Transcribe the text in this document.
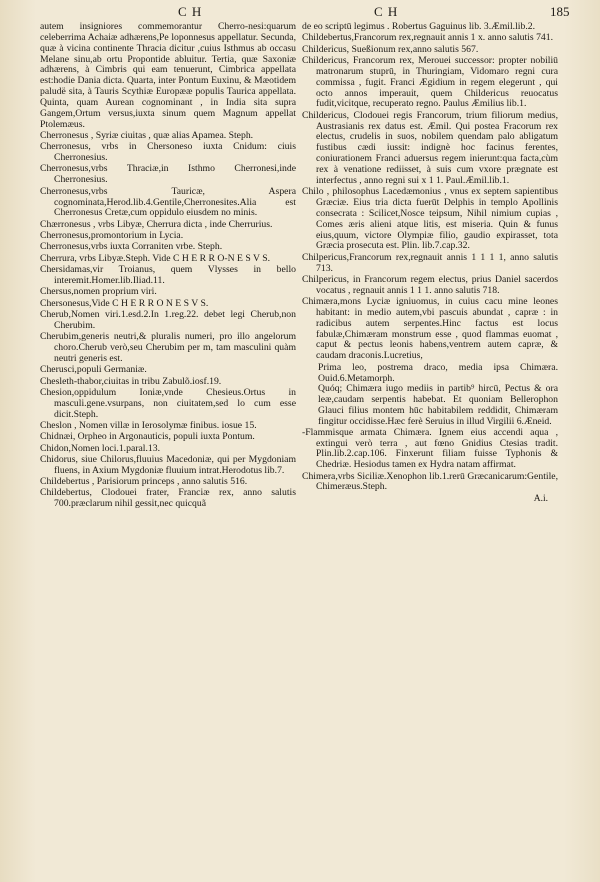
C H	C H	185

autem insigniores commemorantur Cherro-nesi:quarum celeberrima Achaiæ adhærens,Pe loponnesus appellatur. Secunda, quæ à vicina continente Thracia dicitur ,cuius Isthmus ab occasu Melane sinu,ab ortu Propontide abluitur. Tertia, quæ Saxoniæ adhærens, à Cimbris qui eam tenuerunt, Cimbrica appellata est:hodie Dania dicta. Quarta, inter Pontum Euxinu, & Mæotidem paludë sita, à Tauris Scythiæ Europææ populis Taurica appellata. Quinta, quam Aurean cognominant , in India sita supra Gangem,Ortum versus,iuxta sinum quem Magnum appellat Ptolemæus.

Cherronesus , Syriæ ciuitas , quæ alias Apamea. Steph.

Cherronesus, vrbs in Chersoneso iuxta Cnidum: ciuis Cherronesius.

Cherronesus,vrbs Thraciæ,in Isthmo Cherronesi,inde Cherronesius.

Cherronesus,vrbs Tauricæ, Aspera cognominata,Herod.lib.4.Gentile,Cherronesites.Alia est Cherronesus Cretæ,cum oppidulo eiusdem no minis.

Chærronesus , vrbs Libyæ, Cherrura dicta , inde Cherrurius.

Cherronesus,promontorium in Lycia.

Cherronesus,vrbs iuxta Corraniten vrbe. Steph.

Cherrura, vrbs Libyæ.Steph. Vide C H E R R O-N E S V S.

Chersidamas,vir Troianus, quem Vlysses in bello interemit.Homer.lib.Iliad.11.

Chersus,nomen proprium viri.

Chersonesus,Vide C H E R R O N E S V S.

Cherub,Nomen viri.1.esd.2.In 1.reg.22. debet legi Cherub,non Cherubim.

Cherubim,generis neutri,& pluralis numeri, pro illo angelorum choro.Cherub verò,seu Cherubim per m, tam masculini quàm neutri generis est.

Cherusci,populi Germaniæ.

Chesleth-thabor,ciuitas in tribu Zabulõ.iosf.19.

Chesion,oppidulum Ioniæ,vnde Chesieus.Ortus in masculi.gene.vsurpans, non ciuitatem,sed lo cum esse dicit.Steph.

Cheslon , Nomen villæ in Ierosolymæ finibus. iosue 15.

Chidnæi, Orpheo in Argonauticis, populi iuxta Pontum.

Chidon,Nomen loci.1.paral.13.

Chidorus, siue Chilorus,fluuius Macedoniæ, qui per Mygdoniam fluens, in Axium Mygdoniæ fluuium intrat.Herodotus lib.7.

Childebertus , Parisiorum princeps , anno salutis 516.

Childebertus, Clodouei frater, Franciæ rex, anno salutis 700.præclarum nihil gessit,nec quicquã

de eo scriptū legimus . Robertus Gaguinus lib. 3.Æmil.lib.2.

Childebertus,Francorum rex,regnauit annis 1 x. anno salutis 741.

Childericus, Sueßionum rex,anno salutis 567.

Childericus, Francorum rex, Merouei successor: propter nobiliū matronarum stuprū, in Thuringiam, Vidomaro regni cura commissa , fugit. Franci Ægidium in regem elegerunt , qui octo annos imperauit, quem Childericus reuocatus fudit,vicitque, recuperato regno. Paulus Æmilius lib.1.

Childericus, Clodouei regis Francorum, trium filiorum medius, Austrasianis rex datus est. Æmil. Qui postea Fracorum rex electus, crudelis in suos, nobilem quendam palo abligatum fustibus cædi iussit: indignè hoc facinus ferentes, coniurationem Franci aduersus regem inierunt:qua facta,cùm rex à venatione rediisset, à suis cum vxore prægnate est interfectus , anno regni sui x 1 1. Paul.Æmil.lib.1.

Chilo , philosophus Lacedæmonius , vnus ex septem sapientibus Græciæ. Eius tria dicta fuerūt Delphis in templo Apollinis consecrata : Scilicet,Nosce teipsum, Nihil nimium cupias , Comes æris alieni atque litis, est miseria. Quin & funus eius,quum, victore Olympiæ filio, gaudio expirasset, tota Græcia prosecuta est. Plin. lib.7.cap.32.

Chilpericus,Francorum rex,regnauit annis 1 1 1 1, anno salutis 713.

Chilpericus, in Francorum regem electus, prius Daniel sacerdos vocatus , regnauit annis 1 1 1. anno salutis 718.

Chimæra,mons Lyciæ igniuomus, in cuius cacu mine leones habitant: in medio autem,vbi pascuis abundat , capræ : in radicibus autem serpentes.Hinc factus est locus fabulæ,Chimæram monstrum esse , quod flammas euomat , caput & pectus leonis habens,ventrem autem capræ, & caudam draconis.Lucretius,

Prima leo, postrema draco, media ipsa Chimæra. Ouid.6.Metamorph.

Quóq; Chimæra iugo mediis in partib⁹ hircū, Pectus & ora leæ,caudam serpentis habebat. Et quoniam Bellerophon Glauci filius montem hūc habitabilem reddidit, Chimæram fingitur occidisse.Hæc ferè Seruius in illud Virgilii 6.Æneid.

-Flammisque armata Chimæra. Ignem eius accendi aqua , extingui verò terra , aut fœno Gnidius Ctesias tradit. Plin.lib.2.cap.106. Finxerunt filiam fuisse Typhonis & Chedriæ. Hesiodus tamen ex Hydra natam affirmat.

Chimera,vrbs Siciliæ.Xenophon lib.1.rerū Græcanicarum:Gentile, Chimeræus.Steph.

A.i.
